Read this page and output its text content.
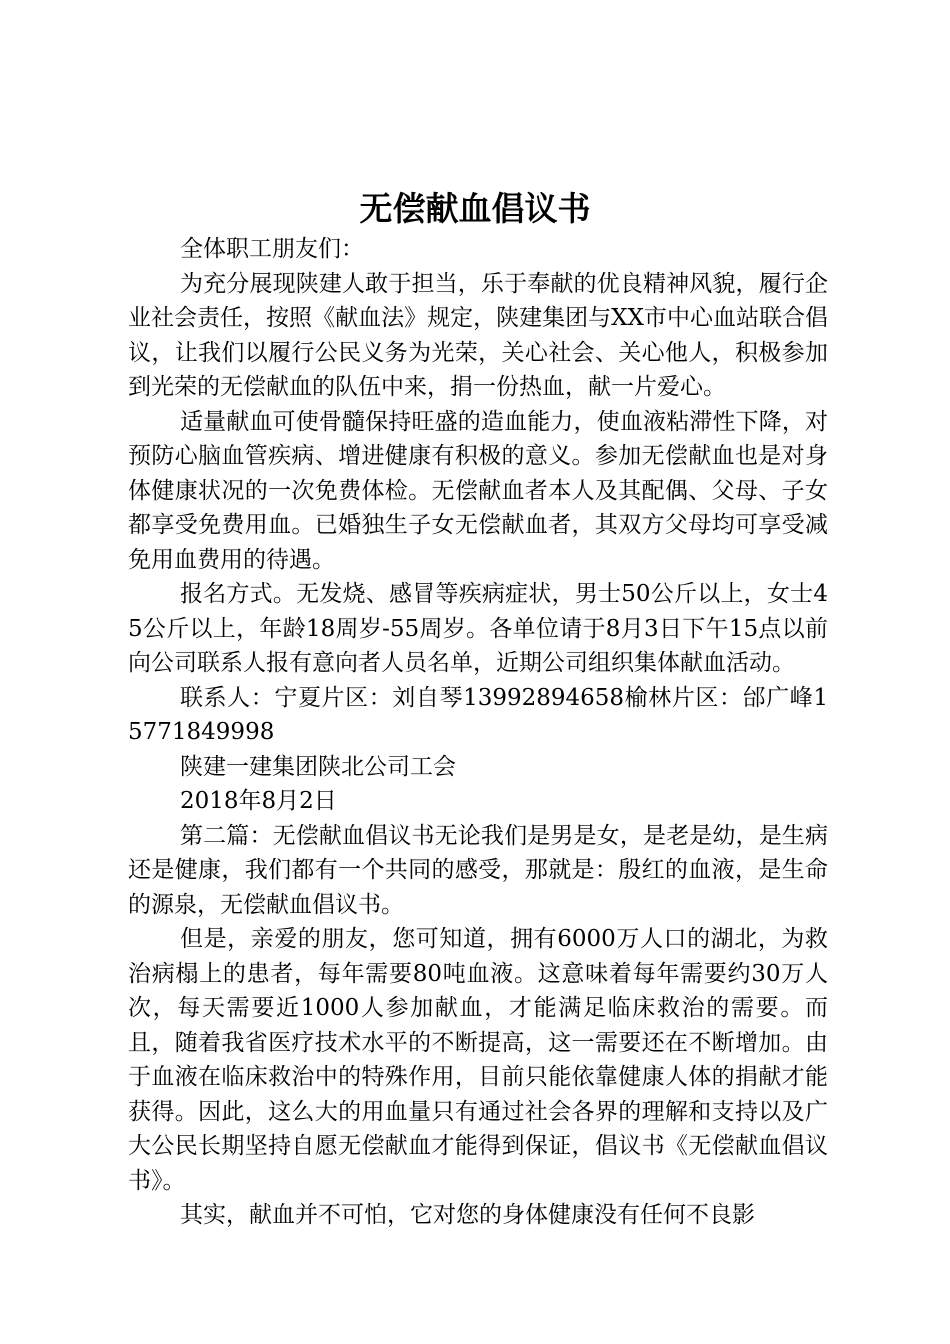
无偿献血倡议书

全体职工朋友们：

为充分展现陕建人敢于担当，乐于奉献的优良精神风貌，履行企业社会责任，按照《献血法》规定，陕建集团与XX市中心血站联合倡议，让我们以履行公民义务为光荣，关心社会、关心他人，积极参加到光荣的无偿献血的队伍中来，捐一份热血，献一片爱心。

适量献血可使骨髓保持旺盛的造血能力，使血液粘滞性下降，对预防心脑血管疾病、增进健康有积极的意义。参加无偿献血也是对身体健康状况的一次免费体检。无偿献血者本人及其配偶、父母、子女都享受免费用血。已婚独生子女无偿献血者，其双方父母均可享受减免用血费用的待遇。

报名方式。无发烧、感冒等疾病症状，男士50公斤以上，女士45公斤以上，年龄18周岁-55周岁。各单位请于8月3日下午15点以前向公司联系人报有意向者人员名单，近期公司组织集体献血活动。

联系人：宁夏片区：刘自琴13992894658榆林片区：邰广峰15771849998

陕建一建集团陕北公司工会

2018年8月2日

第二篇：无偿献血倡议书无论我们是男是女，是老是幼，是生病还是健康，我们都有一个共同的感受，那就是：殷红的血液，是生命的源泉，无偿献血倡议书。

但是，亲爱的朋友，您可知道，拥有6000万人口的湖北，为救治病榻上的患者，每年需要80吨血液。这意味着每年需要约30万人次，每天需要近1000人参加献血，才能满足临床救治的需要。而且，随着我省医疗技术水平的不断提高，这一需要还在不断增加。由于血液在临床救治中的特殊作用，目前只能依靠健康人体的捐献才能获得。因此，这么大的用血量只有通过社会各界的理解和支持以及广大公民长期坚持自愿无偿献血才能得到保证，倡议书《无偿献血倡议书》。

其实，献血并不可怕，它对您的身体健康没有任何不良影
